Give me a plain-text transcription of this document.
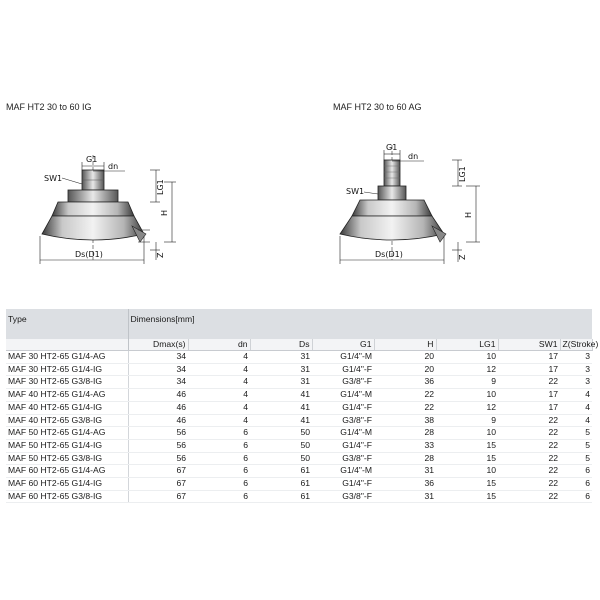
MAF HT2 30 to 60 IG	MAF HT2 30 to 60 AG
G1
dn
SW1
LG1
H
Z
Ds(D1)
G1
dn
SW1
LG1
H
Z
Ds(D1)
Type	Dimensions[mm]							
	Dmax(s)	dn	Ds	G1	H	LG1	SW1	Z(Stroke)
MAF 30 HT2-65 G1/4-AG	34	4	31	G1/4"-M	20	10	17	3
MAF 30 HT2-65 G1/4-IG	34	4	31	G1/4"-F	20	12	17	3
MAF 30 HT2-65 G3/8-IG	34	4	31	G3/8"-F	36	9	22	3
MAF 40 HT2-65 G1/4-AG	46	4	41	G1/4"-M	22	10	17	4
MAF 40 HT2-65 G1/4-IG	46	4	41	G1/4"-F	22	12	17	4
MAF 40 HT2-65 G3/8-IG	46	4	41	G3/8"-F	38	9	22	4
MAF 50 HT2-65 G1/4-AG	56	6	50	G1/4"-M	28	10	22	5
MAF 50 HT2-65 G1/4-IG	56	6	50	G1/4"-F	33	15	22	5
MAF 50 HT2-65 G3/8-IG	56	6	50	G3/8"-F	28	15	22	5
MAF 60 HT2-65 G1/4-AG	67	6	61	G1/4"-M	31	10	22	6
MAF 60 HT2-65 G1/4-IG	67	6	61	G1/4"-F	36	15	22	6
MAF 60 HT2-65 G3/8-IG	67	6	61	G3/8"-F	31	15	22	6
